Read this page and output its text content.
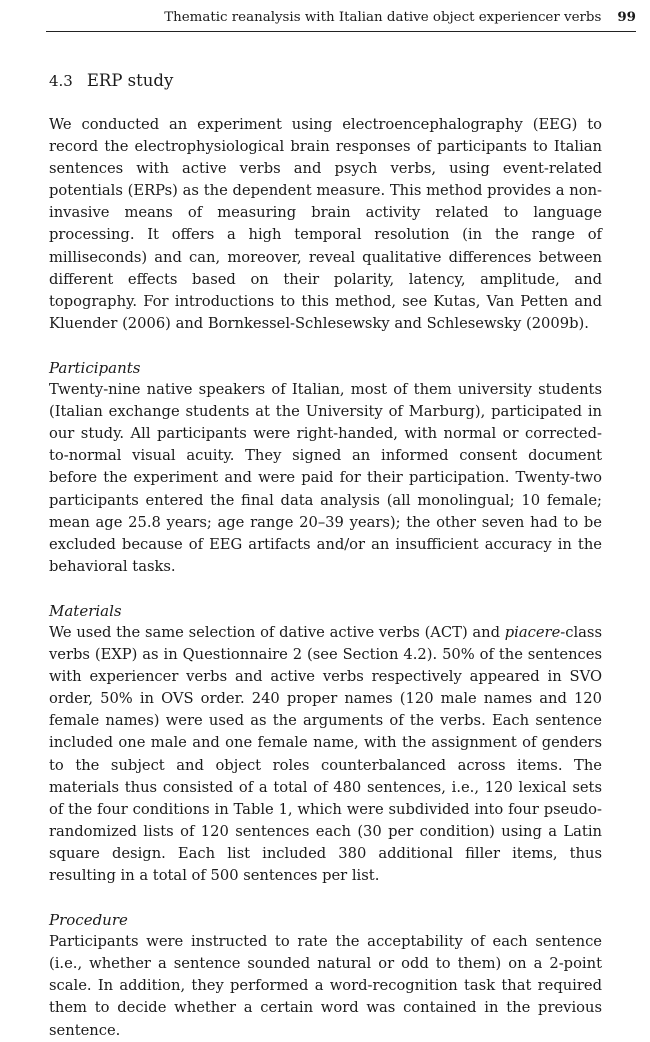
Thematic reanalysis with Italian dative object experiencer verbs 99
4.3 ERP study

We conducted an experiment using electroencephalography (EEG) to record the electrophysiological brain responses of participants to Italian sentences with active verbs and psych verbs, using event-related potentials (ERPs) as the dependent measure. This method provides a non-invasive means of measuring brain activity related to language processing. It offers a high temporal resolution (in the range of milliseconds) and can, moreover, reveal qualitative differences between different effects based on their polarity, latency, amplitude, and topography. For introductions to this method, see Kutas, Van Petten and Kluender (2006) and Bornkessel-Schlesewsky and Schlesewsky (2009b).

Participants

Twenty-nine native speakers of Italian, most of them university students (Italian exchange students at the University of Marburg), participated in our study. All participants were right-handed, with normal or corrected-to-normal visual acuity. They signed an informed consent document before the experiment and were paid for their participation. Twenty-two participants entered the final data analysis (all monolingual; 10 female; mean age 25.8 years; age range 20–39 years); the other seven had to be excluded because of EEG artifacts and/or an insufficient accuracy in the behavioral tasks.

Materials

We used the same selection of dative active verbs (ACT) and piacere-class verbs (EXP) as in Questionnaire 2 (see Section 4.2). 50% of the sentences with experiencer verbs and active verbs respectively appeared in SVO order, 50% in OVS order. 240 proper names (120 male names and 120 female names) were used as the arguments of the verbs. Each sentence included one male and one female name, with the assignment of genders to the subject and object roles counterbalanced across items. The materials thus consisted of a total of 480 sentences, i.e., 120 lexical sets of the four conditions in Table 1, which were subdivided into four pseudo-randomized lists of 120 sentences each (30 per condition) using a Latin square design. Each list included 380 additional filler items, thus resulting in a total of 500 sentences per list.

Procedure

Participants were instructed to rate the acceptability of each sentence (i.e., whether a sentence sounded natural or odd to them) on a 2-point scale. In addition, they performed a word-recognition task that required them to decide whether a certain word was contained in the previous sentence.
